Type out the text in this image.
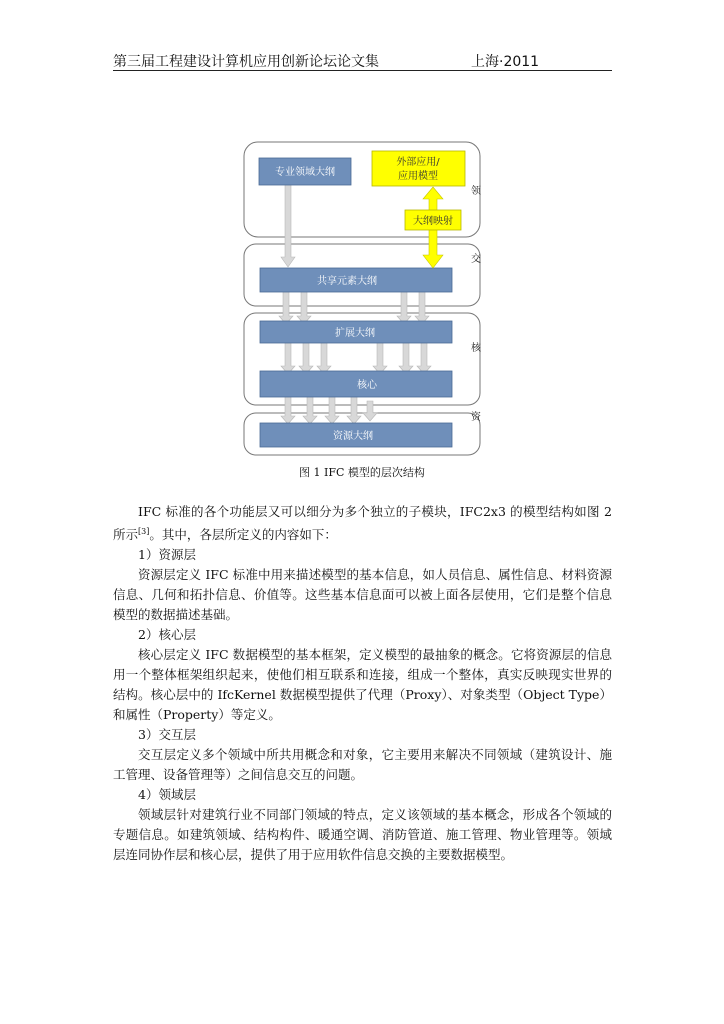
第三届工程建设计算机应用创新论坛论文集	上海·2011
专业领域大纲
共享元素大纲
扩展大纲
核心
资源大纲
外部应用/
应用模型
大纲映射
领
交
核
资
图 1 IFC 模型的层次结构

IFC 标准的各个功能层又可以细分为多个独立的子模块，IFC2x3 的模型结构如图 2 所示[3]。其中，各层所定义的内容如下：

1）资源层

资源层定义 IFC 标准中用来描述模型的基本信息，如人员信息、属性信息、材料资源信息、几何和拓扑信息、价值等。这些基本信息面可以被上面各层使用，它们是整个信息模型的数据描述基础。

2）核心层

核心层定义 IFC 数据模型的基本框架，定义模型的最抽象的概念。它将资源层的信息用一个整体框架组织起来，使他们相互联系和连接，组成一个整体，真实反映现实世界的结构。核心层中的 IfcKernel 数据模型提供了代理（Proxy）、对象类型（Object Type）和属性（Property）等定义。

3）交互层

交互层定义多个领域中所共用概念和对象，它主要用来解决不同领域（建筑设计、施工管理、设备管理等）之间信息交互的问题。

4）领域层

领域层针对建筑行业不同部门领域的特点，定义该领域的基本概念，形成各个领域的专题信息。如建筑领域、结构构件、暖通空调、消防管道、施工管理、物业管理等。领域层连同协作层和核心层，提供了用于应用软件信息交换的主要数据模型。
